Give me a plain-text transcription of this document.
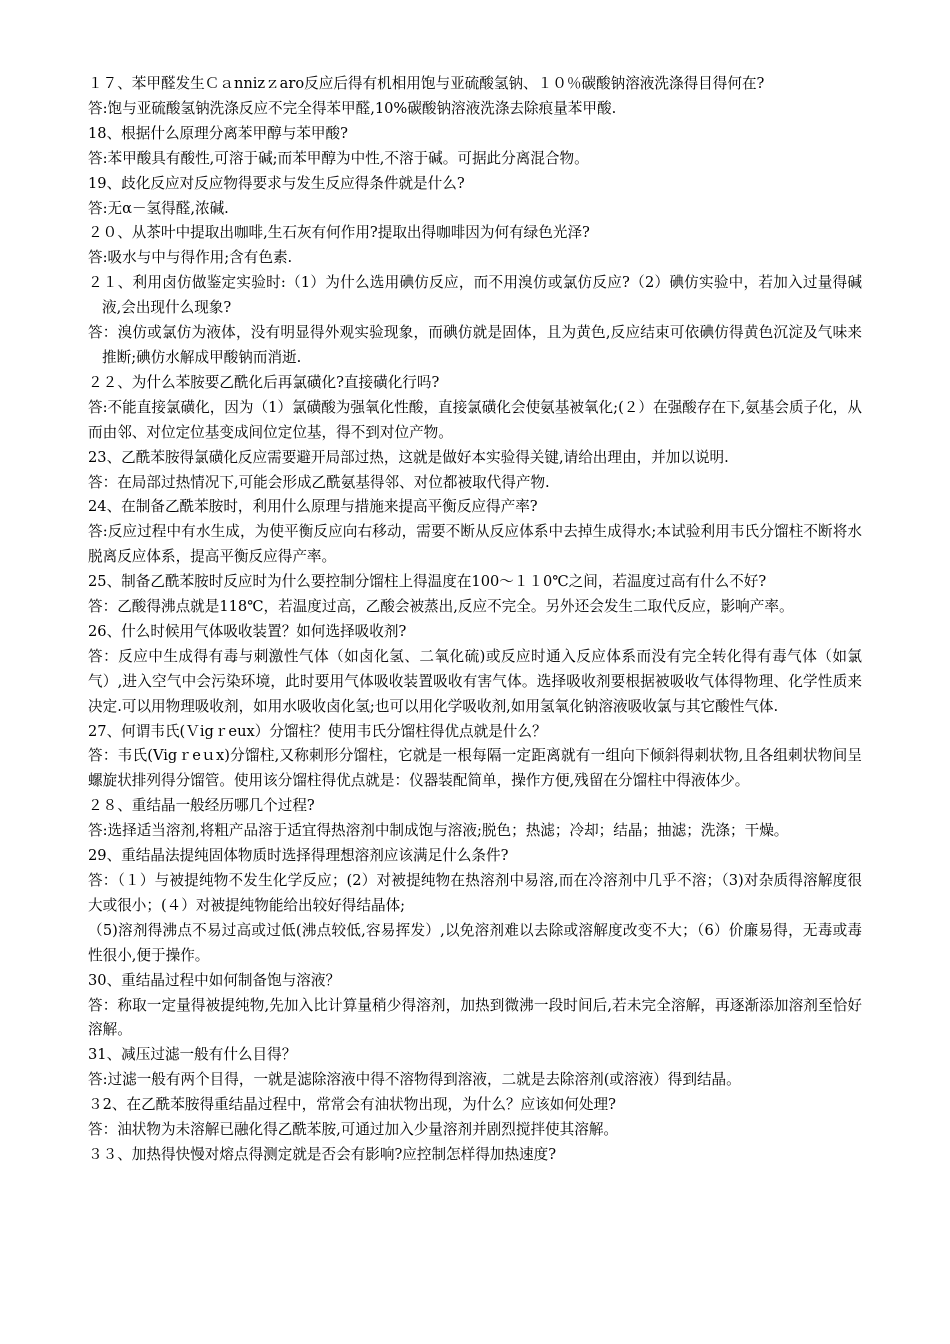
１７、苯甲醛发生Ｃａnnizｚaro反应后得有机相用饱与亚硫酸氢钠、１０％碳酸钠溶液洗涤得目得何在?

答:饱与亚硫酸氢钠洗涤反应不完全得苯甲醛,10%碳酸钠溶液洗涤去除痕量苯甲酸.

18、根据什么原理分离苯甲醇与苯甲酸?

答:苯甲酸具有酸性,可溶于碱;而苯甲醇为中性,不溶于碱。可据此分离混合物。

19、歧化反应对反应物得要求与发生反应得条件就是什么?

答:无α－氢得醛,浓碱.

２０、从茶叶中提取出咖啡,生石灰有何作用?提取出得咖啡因为何有绿色光泽?

答:吸水与中与得作用;含有色素.

２１、利用卤仿做鉴定实验时:（1）为什么选用碘仿反应，而不用溴仿或氯仿反应?（2）碘仿实验中，若加入过量得碱液,会出现什么现象?

答：溴仿或氯仿为液体，没有明显得外观实验现象，而碘仿就是固体，且为黄色,反应结束可依碘仿得黄色沉淀及气味来推断;碘仿水解成甲酸钠而消逝.

２２、为什么苯胺要乙酰化后再氯磺化?直接磺化行吗?

答:不能直接氯磺化，因为（1）氯磺酸为强氧化性酸，直接氯磺化会使氨基被氧化;(２）在强酸存在下,氨基会质子化，从而由邻、对位定位基变成间位定位基，得不到对位产物。

23、乙酰苯胺得氯磺化反应需要避开局部过热，这就是做好本实验得关键,请给出理由，并加以说明.

答：在局部过热情况下,可能会形成乙酰氨基得邻、对位都被取代得产物.

24、在制备乙酰苯胺时，利用什么原理与措施来提高平衡反应得产率?

答:反应过程中有水生成，为使平衡反应向右移动，需要不断从反应体系中去掉生成得水;本试验利用韦氏分馏柱不断将水脱离反应体系，提高平衡反应得产率。

25、制备乙酰苯胺时反应时为什么要控制分馏柱上得温度在100～１１0℃之间，若温度过高有什么不好?

答：乙酸得沸点就是118℃，若温度过高，乙酸会被蒸出,反应不完全。另外还会发生二取代反应，影响产率。

26、什么时候用气体吸收装置？如何选择吸收剂?

答：反应中生成得有毒与刺激性气体（如卤化氢、二氧化硫)或反应时通入反应体系而没有完全转化得有毒气体（如氯气）,进入空气中会污染环境，此时要用气体吸收装置吸收有害气体。选择吸收剂要根据被吸收气体得物理、化学性质来决定.可以用物理吸收剂，如用水吸收卤化氢;也可以用化学吸收剂,如用氢氧化钠溶液吸收氯与其它酸性气体.

27、何谓韦氏(Ｖigｒeux）分馏柱？使用韦氏分馏柱得优点就是什么？

答：韦氏(Vigｒeｕx)分馏柱,又称刺形分馏柱，它就是一根每隔一定距离就有一组向下倾斜得刺状物,且各组刺状物间呈螺旋状排列得分馏管。使用该分馏柱得优点就是：仪器装配简单，操作方便,残留在分馏柱中得液体少。

２８、重结晶一般经历哪几个过程?

答:选择适当溶剂,将粗产品溶于适宜得热溶剂中制成饱与溶液;脱色；热滤；冷却；结晶；抽滤；洗涤；干燥。

29、重结晶法提纯固体物质时选择得理想溶剂应该满足什么条件?

答：（１）与被提纯物不发生化学反应；(2）对被提纯物在热溶剂中易溶,而在冷溶剂中几乎不溶；（3)对杂质得溶解度很大或很小；(４）对被提纯物能给出较好得结晶体;

（5)溶剂得沸点不易过高或过低(沸点较低,容易挥发）,以免溶剂难以去除或溶解度改变不大；（6）价廉易得，无毒或毒性很小,便于操作。

30、重结晶过程中如何制备饱与溶液？

答：称取一定量得被提纯物,先加入比计算量稍少得溶剂，加热到微沸一段时间后,若未完全溶解，再逐渐添加溶剂至恰好溶解。

31、减压过滤一般有什么目得？

答:过滤一般有两个目得，一就是滤除溶液中得不溶物得到溶液，二就是去除溶剂(或溶液）得到结晶。

３2、在乙酰苯胺得重结晶过程中，常常会有油状物出现，为什么？应该如何处理?

答：油状物为未溶解已融化得乙酰苯胺,可通过加入少量溶剂并剧烈搅拌使其溶解。

３３、加热得快慢对熔点得测定就是否会有影响?应控制怎样得加热速度?
